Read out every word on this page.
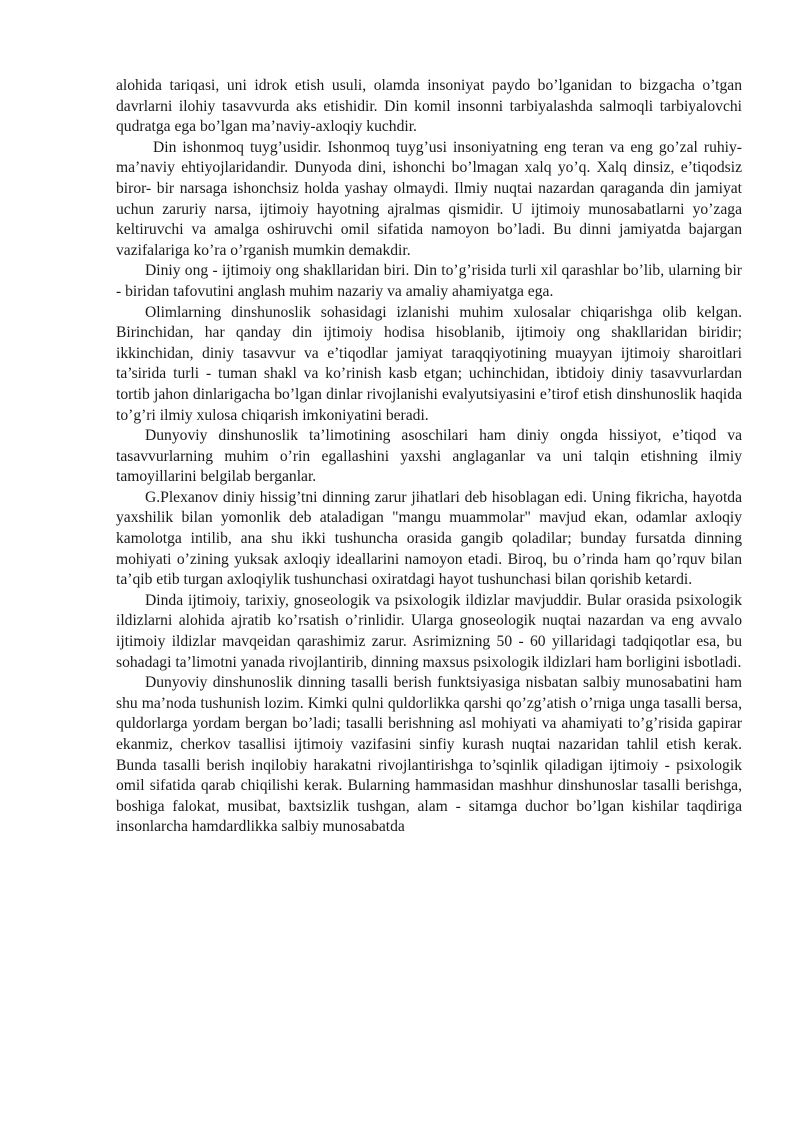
alohida tariqasi, uni idrok etish usuli, olamda insoniyat paydo bo’lganidan to bizgacha o’tgan davrlarni ilohiy tasavvurda aks etishidir. Din komil insonni tarbiyalashda salmoqli tarbiyalovchi qudratga ega bo’lgan ma’naviy-axloqiy kuchdir.

Din ishonmoq tuyg’usidir. Ishonmoq tuyg’usi insoniyatning eng teran va eng go’zal ruhiy-ma’naviy ehtiyojlaridandir. Dunyoda dini, ishonchi bo’lmagan xalq yo’q. Xalq dinsiz, e’tiqodsiz biror- bir narsaga ishonchsiz holda yashay olmaydi. Ilmiy nuqtai nazardan qaraganda din jamiyat uchun zaruriy narsa, ijtimoiy hayotning ajralmas qismidir. U ijtimoiy munosabatlarni yo’zaga keltiruvchi va amalga oshiruvchi omil sifatida namoyon bo’ladi. Bu dinni jamiyatda bajargan vazifalariga ko’ra o’rganish mumkin demakdir.

Diniy ong - ijtimoiy ong shakllaridan biri. Din to’g’risida turli xil qarashlar bo’lib, ularning bir - biridan tafovutini anglash muhim nazariy va amaliy ahamiyatga ega.

Olimlarning dinshunoslik sohasidagi izlanishi muhim xulosalar chiqarishga olib kelgan. Birinchidan, har qanday din ijtimoiy hodisa hisoblanib, ijtimoiy ong shakllaridan biridir; ikkinchidan, diniy tasavvur va e’tiqodlar jamiyat taraqqiyotining muayyan ijtimoiy sharoitlari ta’sirida turli - tuman shakl va ko’rinish kasb etgan; uchinchidan, ibtidoiy diniy tasavvurlardan tortib jahon dinlarigacha bo’lgan dinlar rivojlanishi evalyutsiyasini e’tirof etish dinshunoslik haqida to’g’ri ilmiy xulosa chiqarish imkoniyatini beradi.

Dunyoviy dinshunoslik ta’limotining asoschilari ham diniy ongda hissiyot, e’tiqod va tasavvurlarning muhim o’rin egallashini yaxshi anglaganlar va uni talqin etishning ilmiy tamoyillarini belgilab berganlar.

G.Plexanov diniy hissig’tni dinning zarur jihatlari deb hisoblagan edi. Uning fikricha, hayotda yaxshilik bilan yomonlik deb ataladigan "mangu muammolar" mavjud ekan, odamlar axloqiy kamolotga intilib, ana shu ikki tushuncha orasida gangib qoladilar; bunday fursatda dinning mohiyati o’zining yuksak axloqiy ideallarini namoyon etadi. Biroq, bu o’rinda ham qo’rquv bilan ta’qib etib turgan axloqiylik tushunchasi oxiratdagi hayot tushunchasi bilan qorishib ketardi.

Dinda ijtimoiy, tarixiy, gnoseologik va psixologik ildizlar mavjuddir. Bular orasida psixologik ildizlarni alohida ajratib ko’rsatish o’rinlidir. Ularga gnoseologik nuqtai nazardan va eng avvalo ijtimoiy ildizlar mavqeidan qarashimiz zarur. Asrimizning 50 - 60 yillaridagi tadqiqotlar esa, bu sohadagi ta’limotni yanada rivojlantirib, dinning maxsus psixologik ildizlari ham borligini isbotladi.

Dunyoviy dinshunoslik dinning tasalli berish funktsiyasiga nisbatan salbiy munosabatini ham shu ma’noda tushunish lozim. Kimki qulni quldorlikka qarshi qo’zg’atish o’rniga unga tasalli bersa, quldorlarga yordam bergan bo’ladi; tasalli berishning asl mohiyati va ahamiyati to’g’risida gapirar ekanmiz, cherkov tasallisi ijtimoiy vazifasini sinfiy kurash nuqtai nazaridan tahlil etish kerak. Bunda tasalli berish inqilobiy harakatni rivojlantirishga to’sqinlik qiladigan ijtimoiy - psixologik omil sifatida qarab chiqilishi kerak. Bularning hammasidan mashhur dinshunoslar tasalli berishga, boshiga falokat, musibat, baxtsizlik tushgan, alam - sitamga duchor bo’lgan kishilar taqdiriga insonlarcha hamdardlikka salbiy munosabatda
